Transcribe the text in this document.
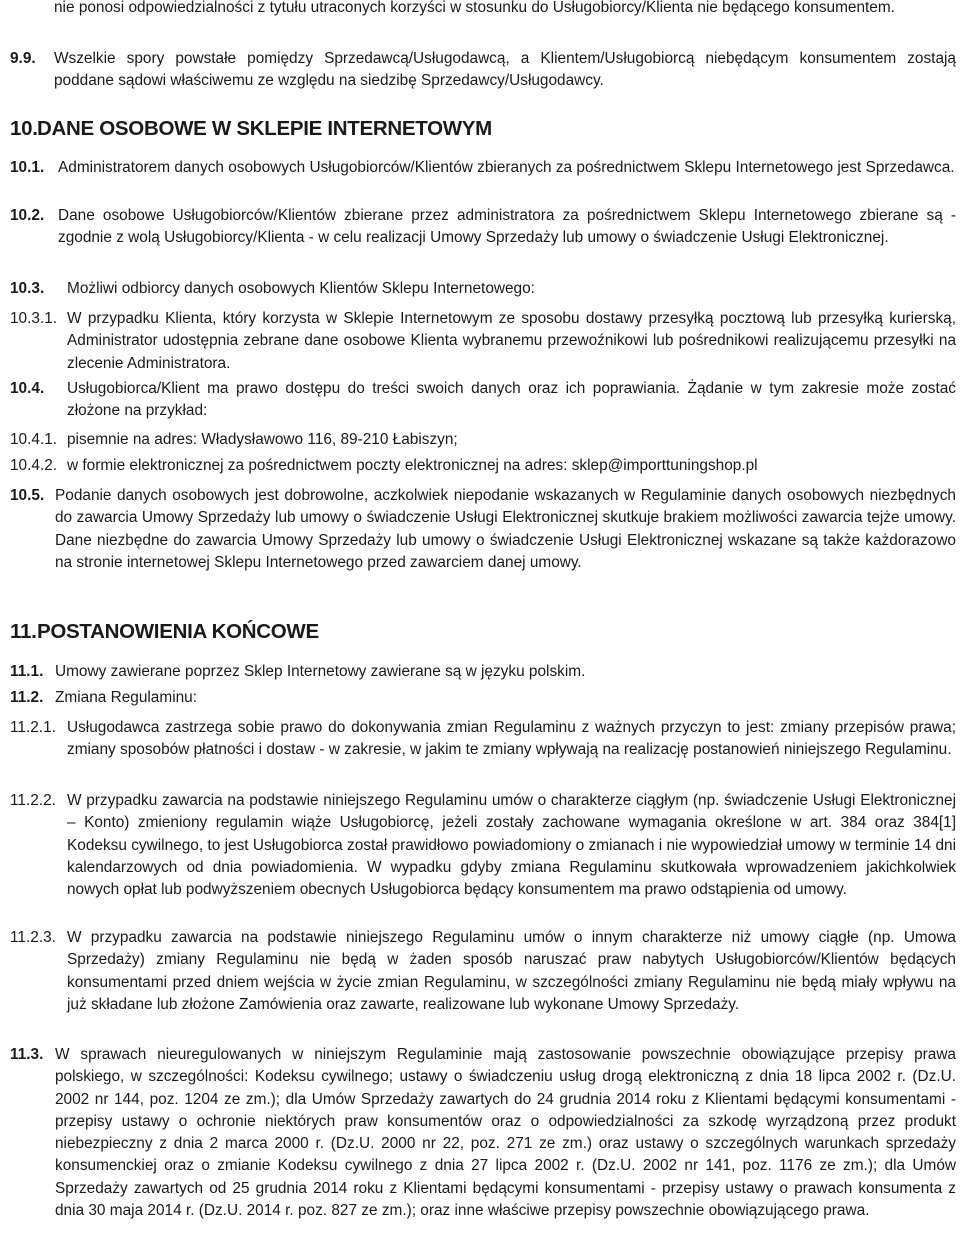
nie ponosi odpowiedzialności z tytułu utraconych korzyści w stosunku do Usługobiorcy/Klienta nie będącego konsumentem.

9.9. Wszelkie spory powstałe pomiędzy Sprzedawcą/Usługodawcą, a Klientem/Usługobiorcą niebędącym konsumentem zostają poddane sądowi właściwemu ze względu na siedzibę Sprzedawcy/Usługodawcy.

10.DANE OSOBOWE W SKLEPIE INTERNETOWYM

10.1. Administratorem danych osobowych Usługobiorców/Klientów zbieranych za pośrednictwem Sklepu Internetowego jest Sprzedawca.

10.2. Dane osobowe Usługobiorców/Klientów zbierane przez administratora za pośrednictwem Sklepu Internetowego zbierane są - zgodnie z wolą Usługobiorcy/Klienta - w celu realizacji Umowy Sprzedaży lub umowy o świadczenie Usługi Elektronicznej.

10.3. Możliwi odbiorcy danych osobowych Klientów Sklepu Internetowego:

10.3.1. W przypadku Klienta, który korzysta w Sklepie Internetowym ze sposobu dostawy przesyłką pocztową lub przesyłką kurierską, Administrator udostępnia zebrane dane osobowe Klienta wybranemu przewoźnikowi lub pośrednikowi realizującemu przesyłki na zlecenie Administratora.

10.4. Usługobiorca/Klient ma prawo dostępu do treści swoich danych oraz ich poprawiania. Żądanie w tym zakresie może zostać złożone na przykład:

10.4.1. pisemnie na adres: Władysławowo 116, 89-210 Łabiszyn;

10.4.2. w formie elektronicznej za pośrednictwem poczty elektronicznej na adres: sklep@importtuningshop.pl

10.5. Podanie danych osobowych jest dobrowolne, aczkolwiek niepodanie wskazanych w Regulaminie danych osobowych niezbędnych do zawarcia Umowy Sprzedaży lub umowy o świadczenie Usługi Elektronicznej skutkuje brakiem możliwości zawarcia tejże umowy. Dane niezbędne do zawarcia Umowy Sprzedaży lub umowy o świadczenie Usługi Elektronicznej wskazane są także każdorazowo na stronie internetowej Sklepu Internetowego przed zawarciem danej umowy.

11.POSTANOWIENIA KOŃCOWE

11.1. Umowy zawierane poprzez Sklep Internetowy zawierane są w języku polskim.

11.2. Zmiana Regulaminu:

11.2.1. Usługodawca zastrzega sobie prawo do dokonywania zmian Regulaminu z ważnych przyczyn to jest: zmiany przepisów prawa; zmiany sposobów płatności i dostaw - w zakresie, w jakim te zmiany wpływają na realizację postanowień niniejszego Regulaminu.

11.2.2. W przypadku zawarcia na podstawie niniejszego Regulaminu umów o charakterze ciągłym (np. świadczenie Usługi Elektronicznej – Konto) zmieniony regulamin wiąże Usługobiorcę, jeżeli zostały zachowane wymagania określone w art. 384 oraz 384[1] Kodeksu cywilnego, to jest Usługobiorca został prawidłowo powiadomiony o zmianach i nie wypowiedział umowy w terminie 14 dni kalendarzowych od dnia powiadomienia. W wypadku gdyby zmiana Regulaminu skutkowała wprowadzeniem jakichkolwiek nowych opłat lub podwyższeniem obecnych Usługobiorca będący konsumentem ma prawo odstąpienia od umowy.

11.2.3. W przypadku zawarcia na podstawie niniejszego Regulaminu umów o innym charakterze niż umowy ciągłe (np. Umowa Sprzedaży) zmiany Regulaminu nie będą w żaden sposób naruszać praw nabytych Usługobiorców/Klientów będących konsumentami przed dniem wejścia w życie zmian Regulaminu, w szczególności zmiany Regulaminu nie będą miały wpływu na już składane lub złożone Zamówienia oraz zawarte, realizowane lub wykonane Umowy Sprzedaży.

11.3. W sprawach nieuregulowanych w niniejszym Regulaminie mają zastosowanie powszechnie obowiązujące przepisy prawa polskiego, w szczególności: Kodeksu cywilnego; ustawy o świadczeniu usług drogą elektroniczną z dnia 18 lipca 2002 r. (Dz.U. 2002 nr 144, poz. 1204 ze zm.); dla Umów Sprzedaży zawartych do 24 grudnia 2014 roku z Klientami będącymi konsumentami - przepisy ustawy o ochronie niektórych praw konsumentów oraz o odpowiedzialności za szkodę wyrządzoną przez produkt niebezpieczny z dnia 2 marca 2000 r. (Dz.U. 2000 nr 22, poz. 271 ze zm.) oraz ustawy o szczególnych warunkach sprzedaży konsumenckiej oraz o zmianie Kodeksu cywilnego z dnia 27 lipca 2002 r. (Dz.U. 2002 nr 141, poz. 1176 ze zm.); dla Umów Sprzedaży zawartych od 25 grudnia 2014 roku z Klientami będącymi konsumentami - przepisy ustawy o prawach konsumenta z dnia 30 maja 2014 r. (Dz.U. 2014 r. poz. 827 ze zm.); oraz inne właściwe przepisy powszechnie obowiązującego prawa.
